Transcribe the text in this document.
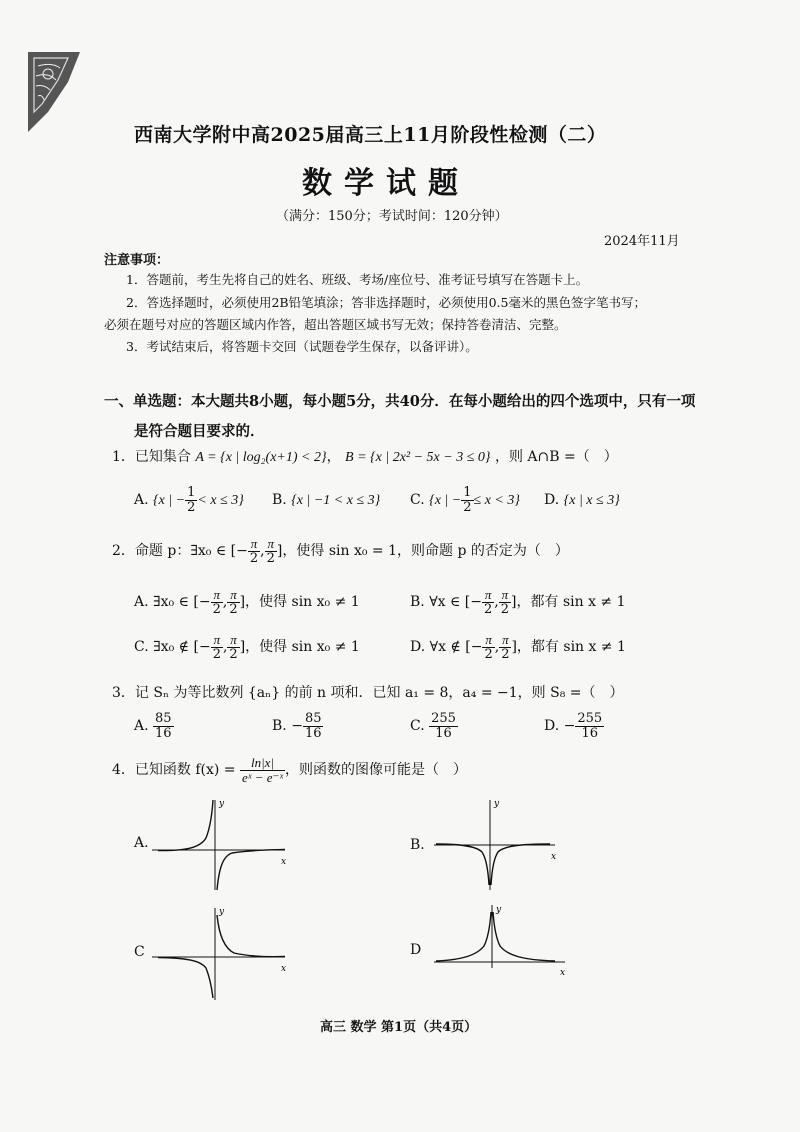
西南大学附中高2025届高三上11月阶段性检测（二）
数学试题
（满分：150分；考试时间：120分钟）
2024年11月
注意事项：
1．答题前，考生先将自己的姓名、班级、考场/座位号、准考证号填写在答题卡上。
2．答选择题时，必须使用2B铅笔填涂；答非选择题时，必须使用0.5毫米的黑色签字笔书写；
必须在题号对应的答题区域内作答，超出答题区域书写无效；保持答卷清洁、完整。
3．考试结束后，将答题卡交回（试题卷学生保存，以备评讲）。
一、单选题：本大题共8小题，每小题5分，共40分．在每小题给出的四个选项中，只有一项
是符合题目要求的．
1．已知集合 A = {x | log₂(x+1) < 2}， B = {x | 2x² − 5x − 3 ≤ 0} ，则 A∩B =（　）
A. {x | − $\frac{1}{2} < x \le 3$} B. {x | −1 < x ≤ 3} C. {x | − $\frac{1}{2} \le x < 3$} D. {x | x ≤ 3}
2．命题 p：∃x₀ ∈ [− $\frac{\pi}{2}$ , $\frac{\pi}{2}$ ]，使得 sin x₀ = 1，则命题 p 的否定为（　）
A. ∃x₀ ∈ [− $\frac{\pi}{2}$ , $\frac{\pi}{2}$ ]，使得 sin x₀ ≠ 1	B. ∀x ∈ [− $\frac{\pi}{2}$ , $\frac{\pi}{2}$ ]，都有 sin x ≠ 1
C. ∃x₀ ∉ [− $\frac{\pi}{2}$ , $\frac{\pi}{2}$ ]，使得 sin x₀ ≠ 1	D. ∀x ∉ [− $\frac{\pi}{2}$ , $\frac{\pi}{2}$ ]，都有 sin x ≠ 1
3．记 Sₙ 为等比数列 {aₙ} 的前 n 项和．已知 a₁ = 8，a₄ = −1，则 S₈ =（　）
A. $\frac{85}{16}$	B. − $\frac{85}{16}$	C. $\frac{255}{16}$	D. − $\frac{255}{16}$
4．已知函数 $f(x) = \frac{\ln|x|}{\text{eˣ − e⁻ˣ}}$ ，则函数的图像可能是（　）
A.	B.
C	D
x
y
x
y
x
y
x
y
高三 数学 第1页（共4页）
